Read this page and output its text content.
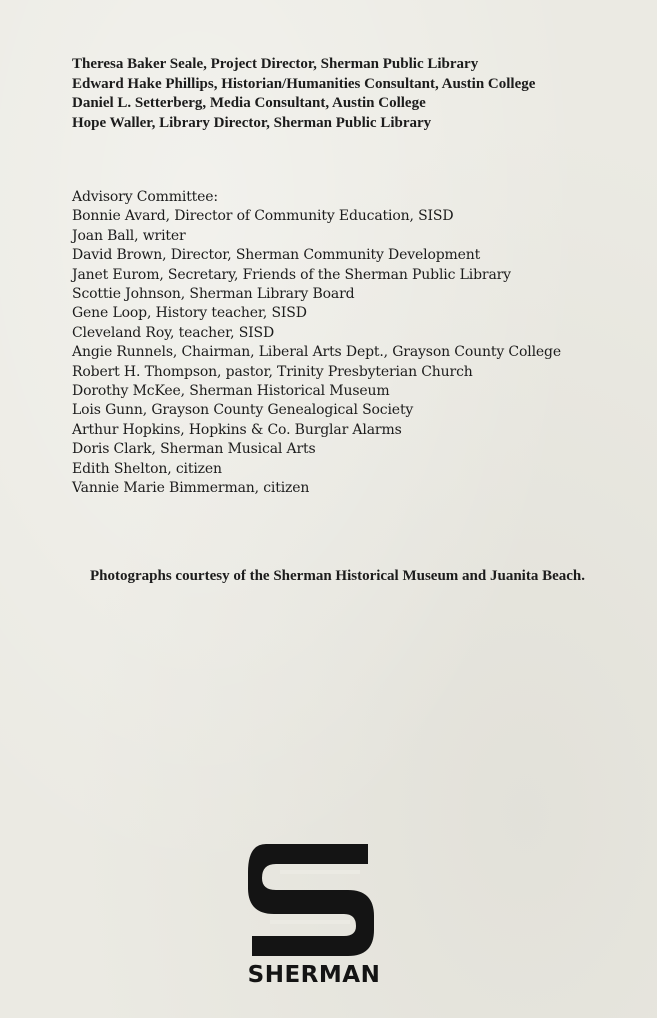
Theresa Baker Seale, Project Director, Sherman Public Library
Edward Hake Phillips, Historian/Humanities Consultant, Austin College
Daniel L. Setterberg, Media Consultant, Austin College
Hope Waller, Library Director, Sherman Public Library
Advisory Committee:
Bonnie Avard, Director of Community Education, SISD
Joan Ball, writer
David Brown, Director, Sherman Community Development
Janet Eurom, Secretary, Friends of the Sherman Public Library
Scottie Johnson, Sherman Library Board
Gene Loop, History teacher, SISD
Cleveland Roy, teacher, SISD
Angie Runnels, Chairman, Liberal Arts Dept., Grayson County College
Robert H. Thompson, pastor, Trinity Presbyterian Church
Dorothy McKee, Sherman Historical Museum
Lois Gunn, Grayson County Genealogical Society
Arthur Hopkins, Hopkins & Co. Burglar Alarms
Doris Clark, Sherman Musical Arts
Edith Shelton, citizen
Vannie Marie Bimmerman, citizen
Photographs courtesy of the Sherman Historical Museum and Juanita Beach.
SHERMAN
